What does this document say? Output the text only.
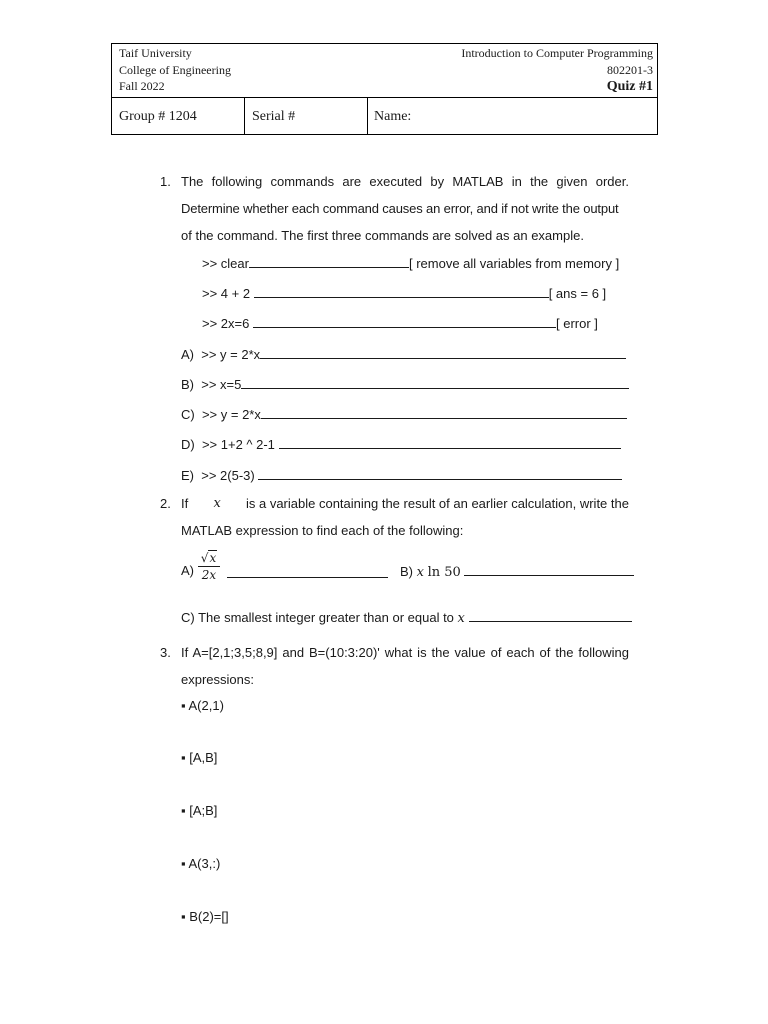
Taif University
College of Engineering
Fall 2022
Introduction to Computer Programming
802201-3
Quiz #1
Group # 1204	Serial #	Name:
1. The following commands are executed by MATLAB in the given order.
Determine whether each command causes an error, and if not write the output
of the command. The first three commands are solved as an example.
>> clear	[ remove all variables from memory ]
>> 4 + 2	[ ans = 6 ]
>> 2x=6	[ error ]
A) >> y = 2*x
B) >> x=5
C) >> y = 2*x
D) >> 1+2 ^ 2-1
E) >> 2(5-3)
2. If x is a variable containing the result of an earlier calculation, write the
MATLAB expression to find each of the following:
$A) \frac{√x}{2x}$	B) x ln 50
C) The smallest integer greater than or equal to x
3. If A=[2,1;3,5;8,9] and B=(10:3:20)' what is the value of each of the following
expressions:
▪ A(2,1)
▪ [A,B]
▪ [A;B]
▪ A(3,:)
▪ B(2)=[]
